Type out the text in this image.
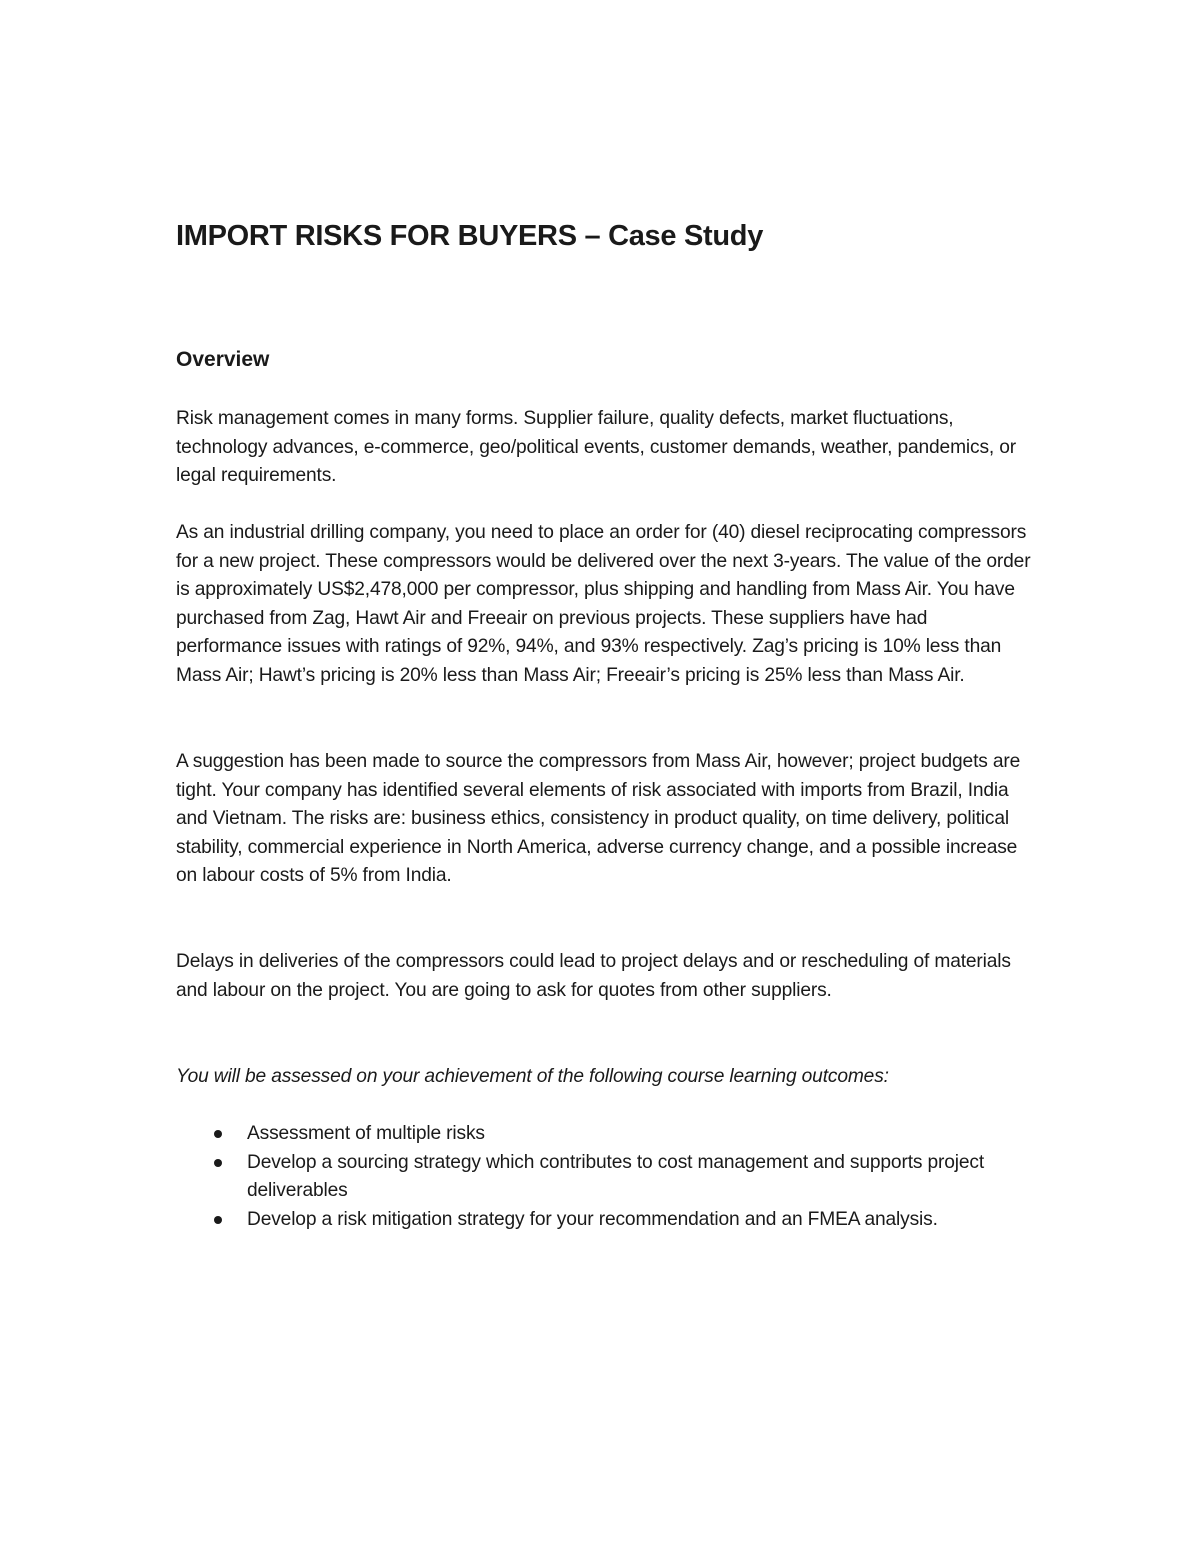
IMPORT RISKS FOR BUYERS – Case Study
Overview

Risk management comes in many forms. Supplier failure, quality defects, market fluctuations, technology advances, e-commerce, geo/political events, customer demands, weather, pandemics, or legal requirements.

As an industrial drilling company, you need to place an order for (40) diesel reciprocating compressors for a new project. These compressors would be delivered over the next 3-years. The value of the order is approximately US$2,478,000 per compressor, plus shipping and handling from Mass Air. You have purchased from Zag, Hawt Air and Freeair on previous projects. These suppliers have had performance issues with ratings of 92%, 94%, and 93% respectively. Zag’s pricing is 10% less than Mass Air; Hawt’s pricing is 20% less than Mass Air; Freeair’s pricing is 25% less than Mass Air.

A suggestion has been made to source the compressors from Mass Air, however; project budgets are tight. Your company has identified several elements of risk associated with imports from Brazil, India and Vietnam. The risks are: business ethics, consistency in product quality, on time delivery, political stability, commercial experience in North America, adverse currency change, and a possible increase on labour costs of 5% from India.

Delays in deliveries of the compressors could lead to project delays and or rescheduling of materials and labour on the project. You are going to ask for quotes from other suppliers.

You will be assessed on your achievement of the following course learning outcomes:

Assessment of multiple risks
Develop a sourcing strategy which contributes to cost management and supports project deliverables
Develop a risk mitigation strategy for your recommendation and an FMEA analysis.
